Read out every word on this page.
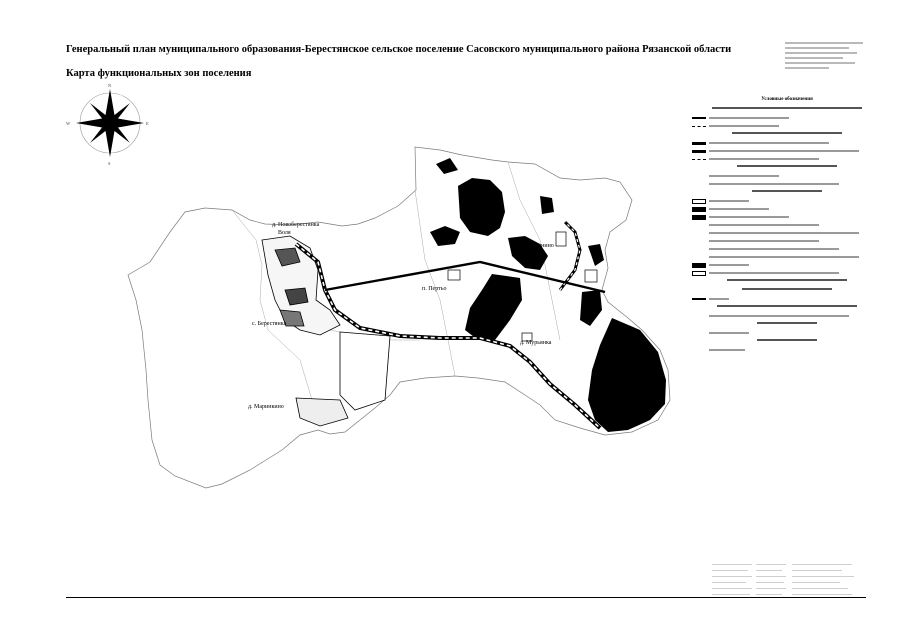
Генеральный план муниципального образования-Берестянское сельское поселение Сасовского муниципального района Рязанской области
Карта функциональных зон поселения
N
S
E
W
д. Новоберестянка
Воля
с. Берестянка
п. Пертьо
д. Мурьянка
д. Маринкино
д. Доронино
Условные обозначения
